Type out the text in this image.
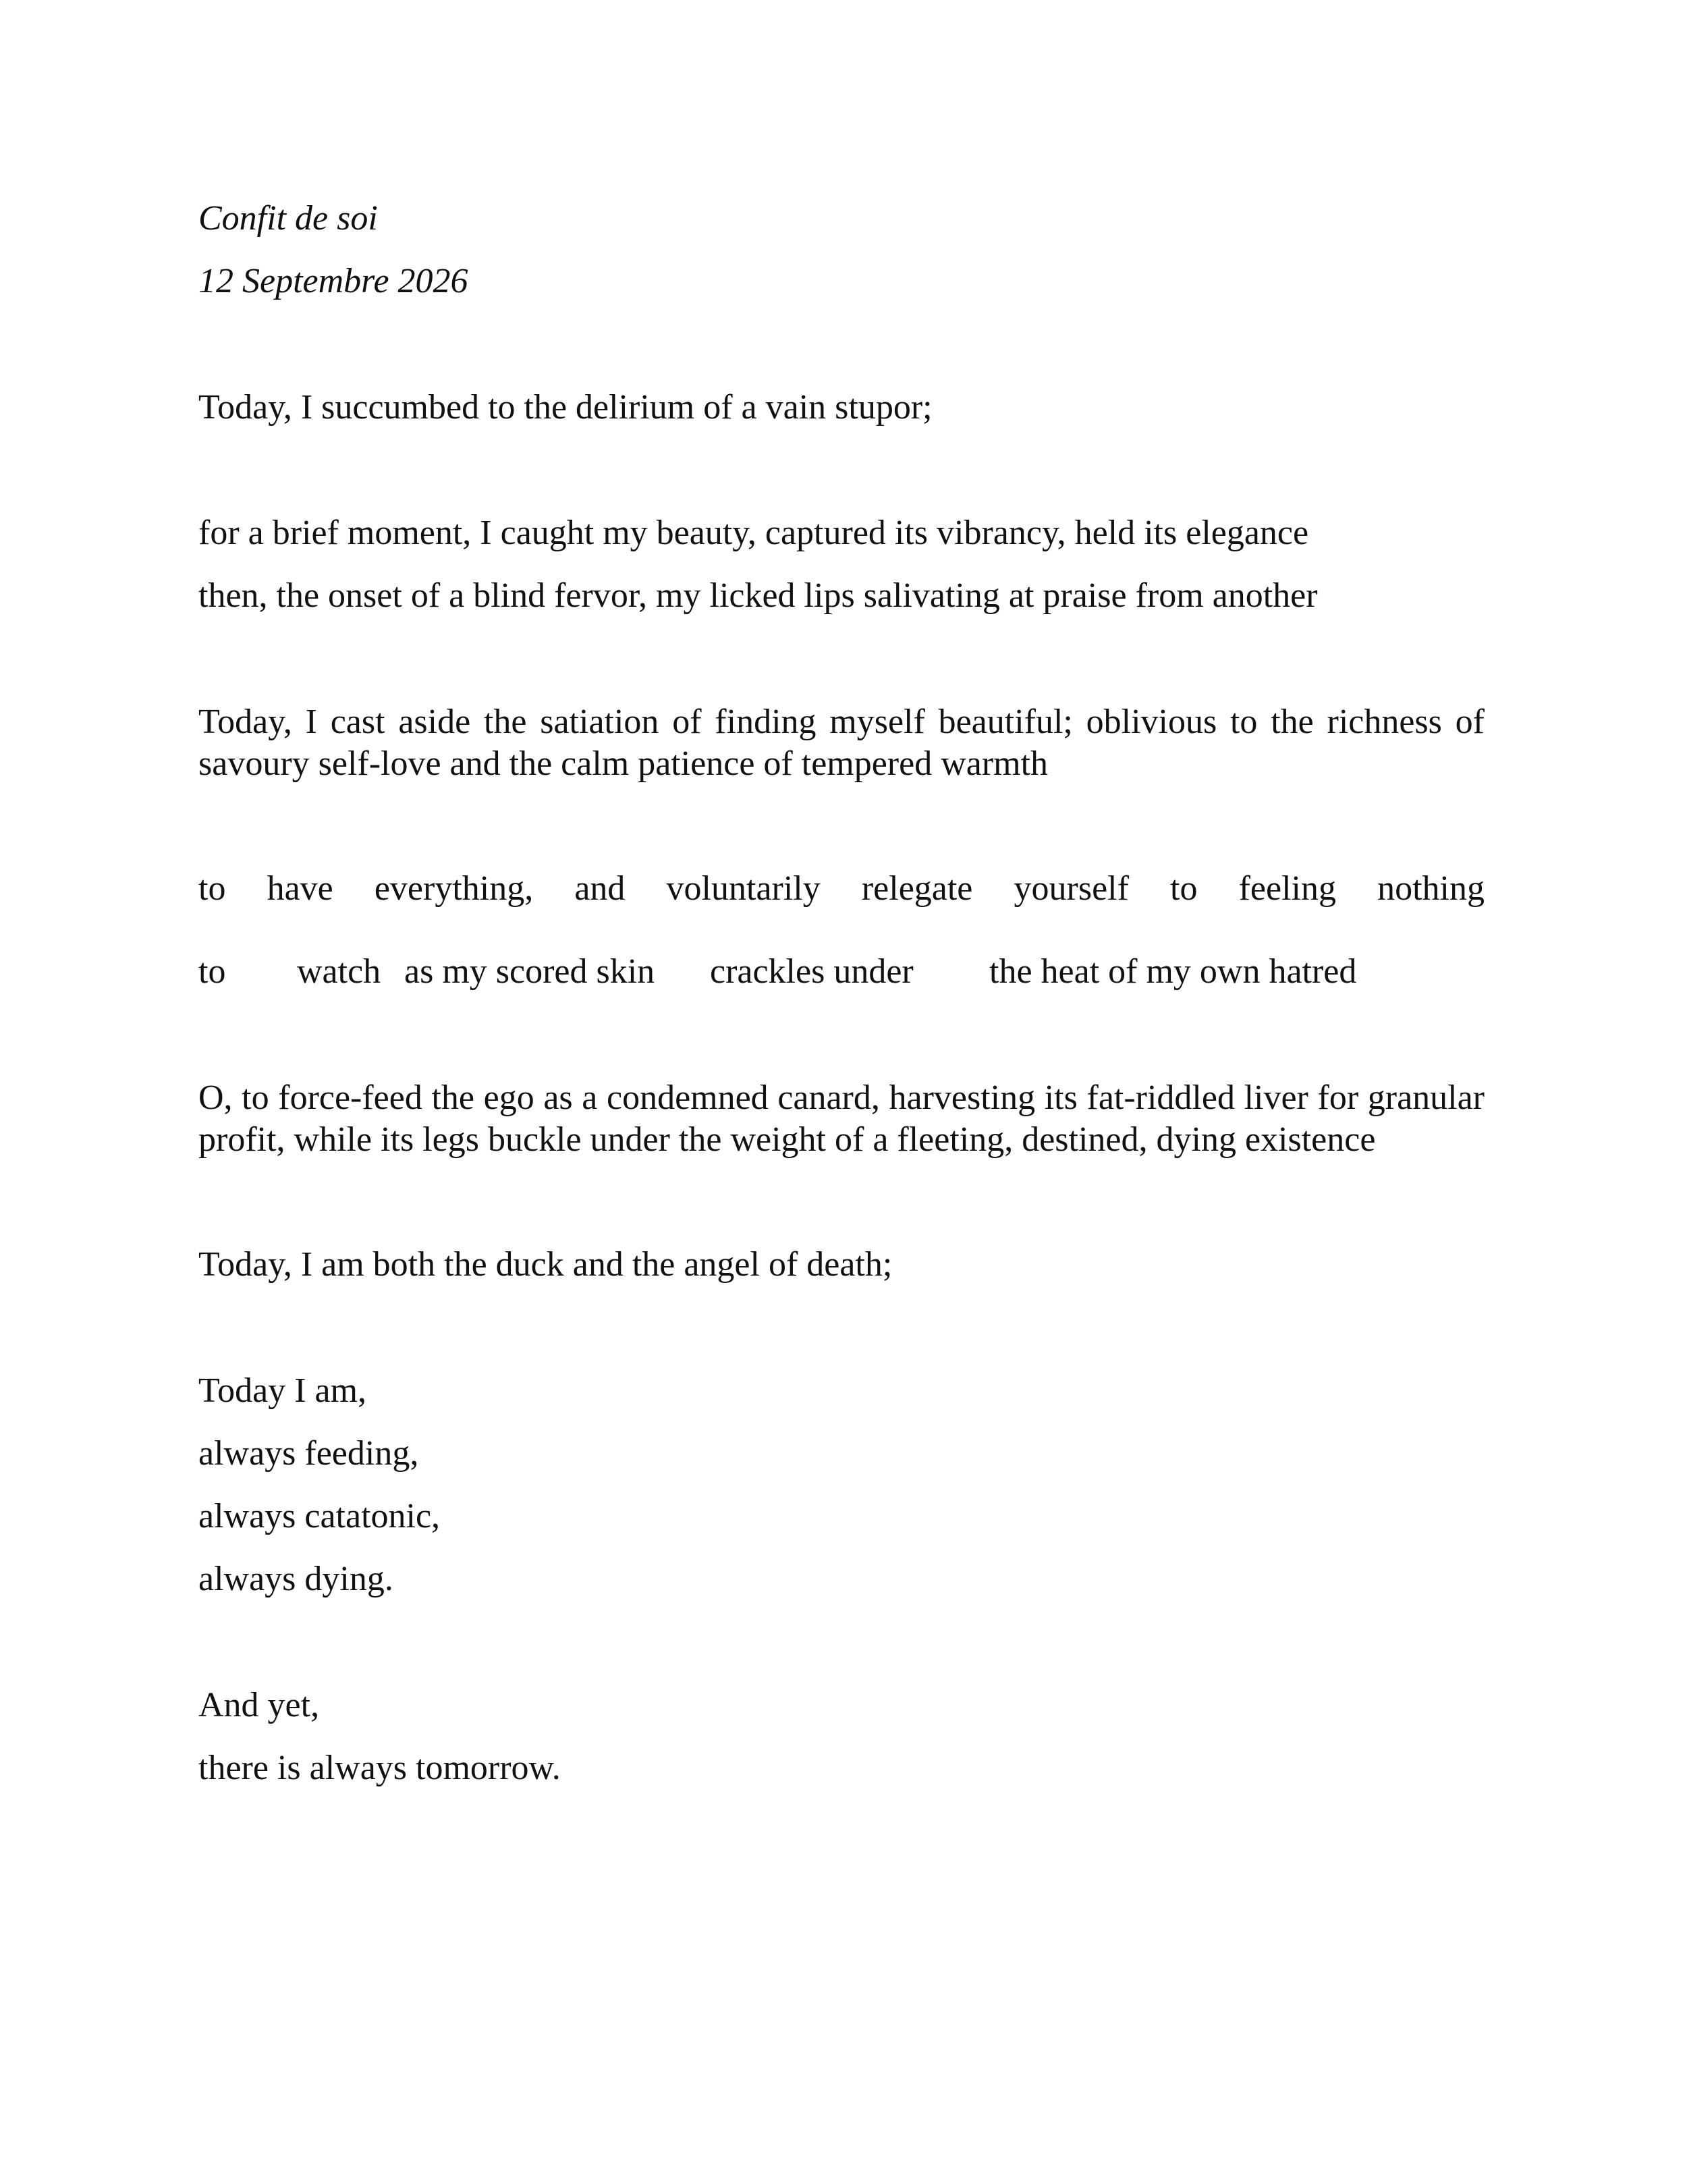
Confit de soi

12 Septembre 2026

Today, I succumbed to the delirium of a vain stupor;

for a brief moment, I caught my beauty, captured its vibrancy, held its elegance

then, the onset of a blind fervor, my licked lips salivating at praise from another

Today, I cast aside the satiation of finding myself beautiful; oblivious to the richness of savoury self-love and the calm patience of tempered warmth

to have everything, and voluntarily relegate yourself to feeling nothing

to watch as my scored skin crackles under the heat of my own hatred

O, to force-feed the ego as a condemned canard, harvesting its fat-riddled liver for granular profit, while its legs buckle under the weight of a fleeting, destined, dying existence

Today, I am both the duck and the angel of death;

Today I am,

always feeding,

always catatonic,

always dying.

And yet,

there is always tomorrow.
